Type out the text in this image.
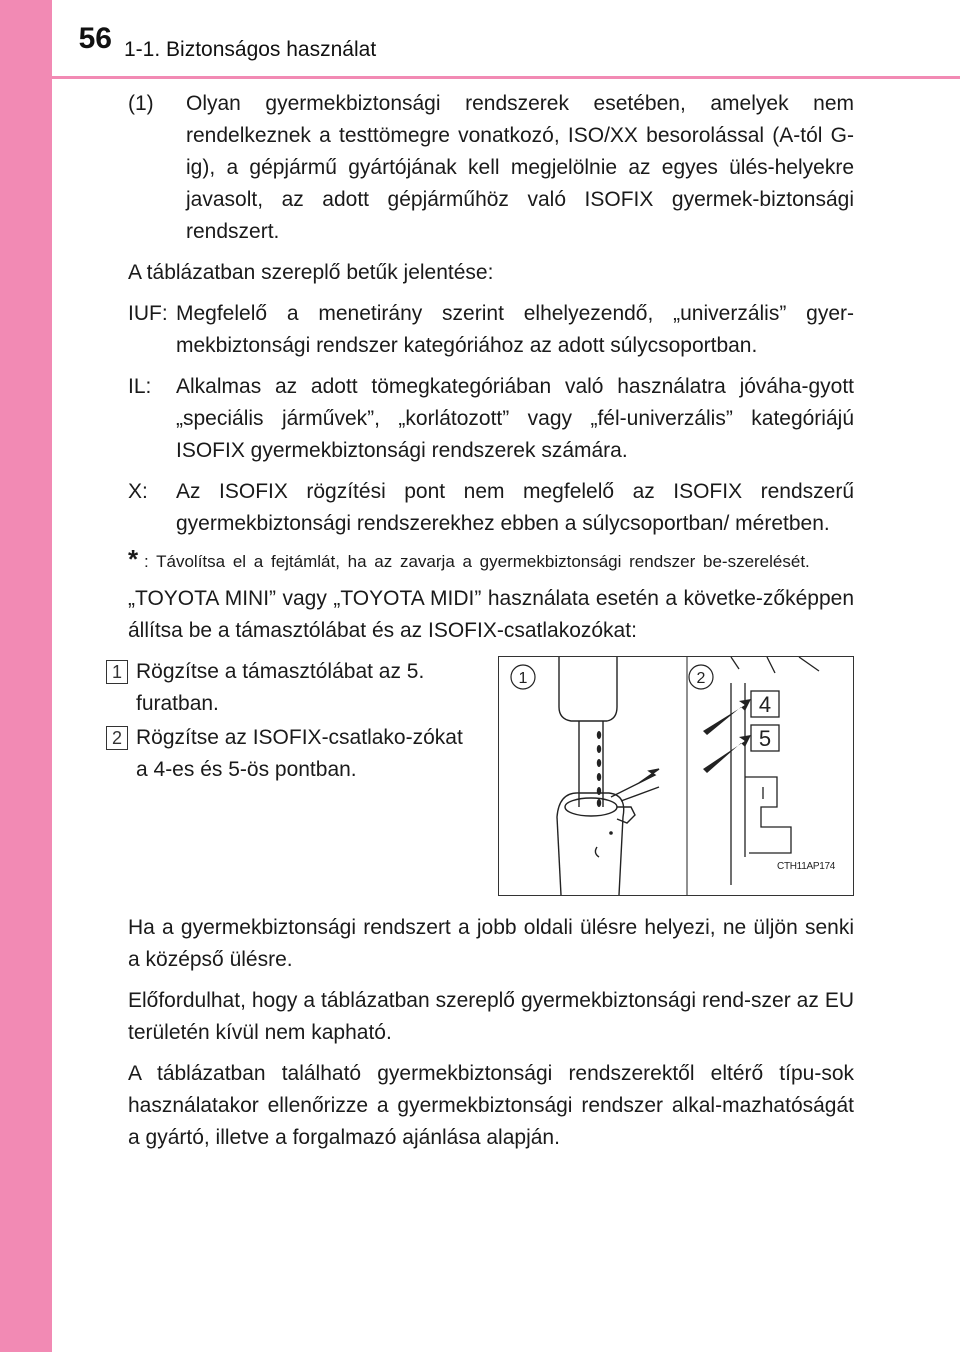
56 1-1. Biztonságos használat
(1)	Olyan gyermekbiztonsági rendszerek esetében, amelyek nem rendelkeznek a testtömegre vonatkozó, ISO/XX besorolással (A-tól G-ig), a gépjármű gyártójának kell megjelölnie az egyes ülés-helyekre javasolt, az adott gépjárműhöz való ISOFIX gyermek-biztonsági rendszert.
A táblázatban szereplő betűk jelentése:
IUF: Megfelelő a menetirány szerint elhelyezendő, „univerzális” gyer-mekbiztonsági rendszer kategóriához az adott súlycsoportban.
IL:	Alkalmas az adott tömegkategóriában való használatra jóváha-gyott „speciális járművek”, „korlátozott” vagy „fél-univerzális” kategóriájú ISOFIX gyermekbiztonsági rendszerek számára.
X:	Az ISOFIX rögzítési pont nem megfelelő az ISOFIX rendszerű gyermekbiztonsági rendszerekhez ebben a súlycsoportban/ méretben.
* : Távolítsa el a fejtámlát, ha az zavarja a gyermekbiztonsági rendszer be-szerelését.
„TOYOTA MINI” vagy „TOYOTA MIDI” használata esetén a követke-zőképpen állítsa be a támasztólábat és az ISOFIX-csatlakozókat:
1 Rögzítse a támasztólábat az 5. furatban.
2 Rögzítse az ISOFIX-csatlako-zókat a 4-es és 5-ös pontban.
1	2
4
5
CTH11AP174
Ha a gyermekbiztonsági rendszert a jobb oldali ülésre helyezi, ne üljön senki a középső ülésre.
Előfordulhat, hogy a táblázatban szereplő gyermekbiztonsági rend-szer az EU területén kívül nem kapható.
A táblázatban található gyermekbiztonsági rendszerektől eltérő típu-sok használatakor ellenőrizze a gyermekbiztonsági rendszer alkal-mazhatóságát a gyártó, illetve a forgalmazó ajánlása alapján.
